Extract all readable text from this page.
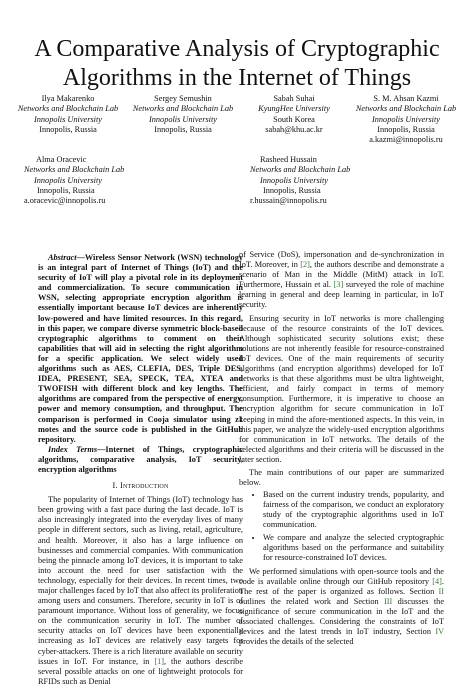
A Comparative Analysis of Cryptographic
Algorithms in the Internet of Things
Ilya Makarenko
Networks and Blockchain Lab
Innopolis University
Innopolis, Russia
Sergey Semushin
Networks and Blockchain Lab
Innopolis University
Innopolis, Russia
Sabah Suhai
KyungHee University
South Korea
sabah@khu.ac.kr
S. M. Ahsan Kazmi
Networks and Blockchain Lab
Innopolis University
Innopolis, Russia
a.kazmi@innopolis.ru
Alma Oracevic
Networks and Blockchain Lab
Innopolis University
Innopolis, Russia
a.oracevic@innopolis.ru
Rasheed Hussain
Networks and Blockchain Lab
Innopolis University
Innopolis, Russia
r.hussain@innopolis.ru

Abstract—Wireless Sensor Network (WSN) technology is an integral part of Internet of Things (IoT) and the security of IoT will play a pivotal role in its deployment and commercialization. To secure communication in WSN, selecting appropriate encryption algorithm is essentially important because IoT devices are inherently low-powered and have limited resources. In this regard, in this paper, we compare diverse symmetric block-based cryptographic algorithms to comment on their capabilities that will aid in selecting the right algorithm for a specific application. We select widely used algorithms such as AES, CLEFIA, DES, Triple DES, IDEA, PRESENT, SEA, SPECK, TEA, XTEA and TWOFISH with different block and key lengths. The algorithms are compared from the perspective of energy, power and memory consumption, and throughput. The comparison is performed in Cooja simulator using z1 motes and the source code is published in the GitHub repository.

Index Terms—Internet of Things, cryptographic algorithms, comparative analysis, IoT security, encryption algorithms

I. Introduction

The popularity of Internet of Things (IoT) technology has been growing with a fast pace during the last decade. IoT is also increasingly integrated into the everyday lives of many people in different sectors, such as living, retail, agriculture, and health. Moreover, it also has a large influence on businesses and commercial companies. With communication being the pinnacle among IoT devices, it is important to take into account the need for user satisfaction with the technology, especially for their devices. In recent times, two major challenges faced by IoT that also affect its proliferation among users and consumers. Therefore, security in IoT is of paramount importance. Without loss of generality, we focus on the communication security in IoT. The number of security attacks on IoT devices have been exponentially increasing as IoT devices are relatively easy targets for cyber-attackers. There is a rich literature available on security issues in IoT. For instance, in [1], the authors describe several possible attacks on one of lightweight protocols for RFIDs such as Denial

of Service (DoS), impersonation and de-synchronization in IoT. Moreover, in [2], the authors describe and demonstrate a scenario of Man in the Middle (MitM) attack in IoT. Furthermore, Hussain et al. [3] surveyed the role of machine learning in general and deep learning in particular, in IoT security.

Ensuring security in IoT networks is more challenging because of the resource constraints of the IoT devices. Although sophisticated security solutions exist; these solutions are not inherently feasible for resource-constrained IoT devices. One of the main requirements of security algorithms (and encryption algorithms) developed for IoT networks is that these algorithms must be ultra lightweight, efficient, and fairly compact in terms of memory consumption. Furthermore, it is imperative to choose an encryption algorithm for secure communication in IoT keeping in mind the afore-mentioned aspects. In this vein, in this paper, we analyze the widely-used encryption algorithms for communication in IoT networks. The details of the selected algorithms and their criteria will be discussed in the later section.

The main contributions of our paper are summarized below.

• Based on the current industry trends, popularity, and fairness of the comparison, we conduct an exploratory study of the cryptographic algorithms used in IoT communication.
• We compare and analyze the selected cryptographic algorithms based on the performance and suitability for resource-constrained IoT devices.

We performed simulations with open-source tools and the code is available online through our GitHub repository [4]. The rest of the paper is organized as follows. Section II outlines the related work and Section III discusses the significance of secure communication in the IoT and the associated challenges. Considering the constraints of IoT devices and the latest trends in IoT industry, Section IV provides the details of the selected
